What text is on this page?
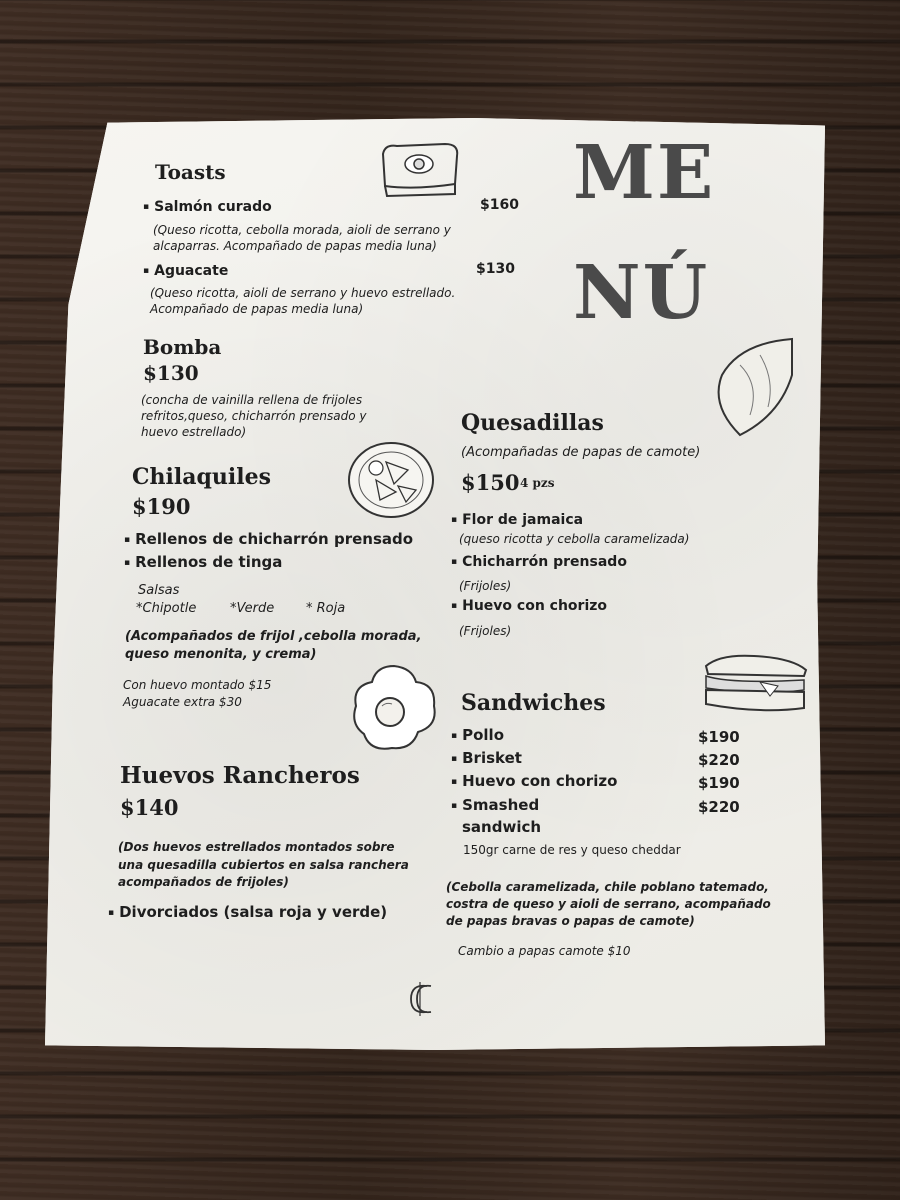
ME
NÚ
Toasts
▪ Salmón curado	$160
(Queso ricotta, cebolla morada, aioli de serrano y
alcaparras. Acompañado de papas media luna)
▪ Aguacate	$130
(Queso ricotta, aioli de serrano y huevo estrellado.
Acompañado de papas media luna)
Bomba
$130
(concha de vainilla rellena de frijoles
refritos,queso, chicharrón prensado y
huevo estrellado)	Quesadillas
(Acompañadas de papas de camote)
$150 4 pzs
▪ Flor de jamaica
(queso ricotta y cebolla caramelizada)
▪ Chicharrón prensado
(Frijoles)
▪ Huevo con chorizo
(Frijoles)
Chilaquiles
$190
▪ Rellenos de chicharrón prensado
▪ Rellenos de tinga
Salsas
*Chipotle	*Verde * Roja
(Acompañados de frijol ,cebolla morada,
queso menonita, y crema)
Con huevo montado $15
Aguacate extra $30	Sandwiches
▪ Pollo	$190
▪ Brisket	$220
▪ Huevo con chorizo	$190
▪ Smashed
sandwich
$220
150gr carne de res y queso cheddar
(Cebolla caramelizada, chile poblano tatemado,
costra de queso y aioli de serrano, acompañado
de papas bravas o papas de camote)
Cambio a papas camote $10
Huevos Rancheros
$140
(Dos huevos estrellados montados sobre
una quesadilla cubiertos en salsa ranchera
acompañados de frijoles)
▪ Divorciados (salsa roja y verde)
